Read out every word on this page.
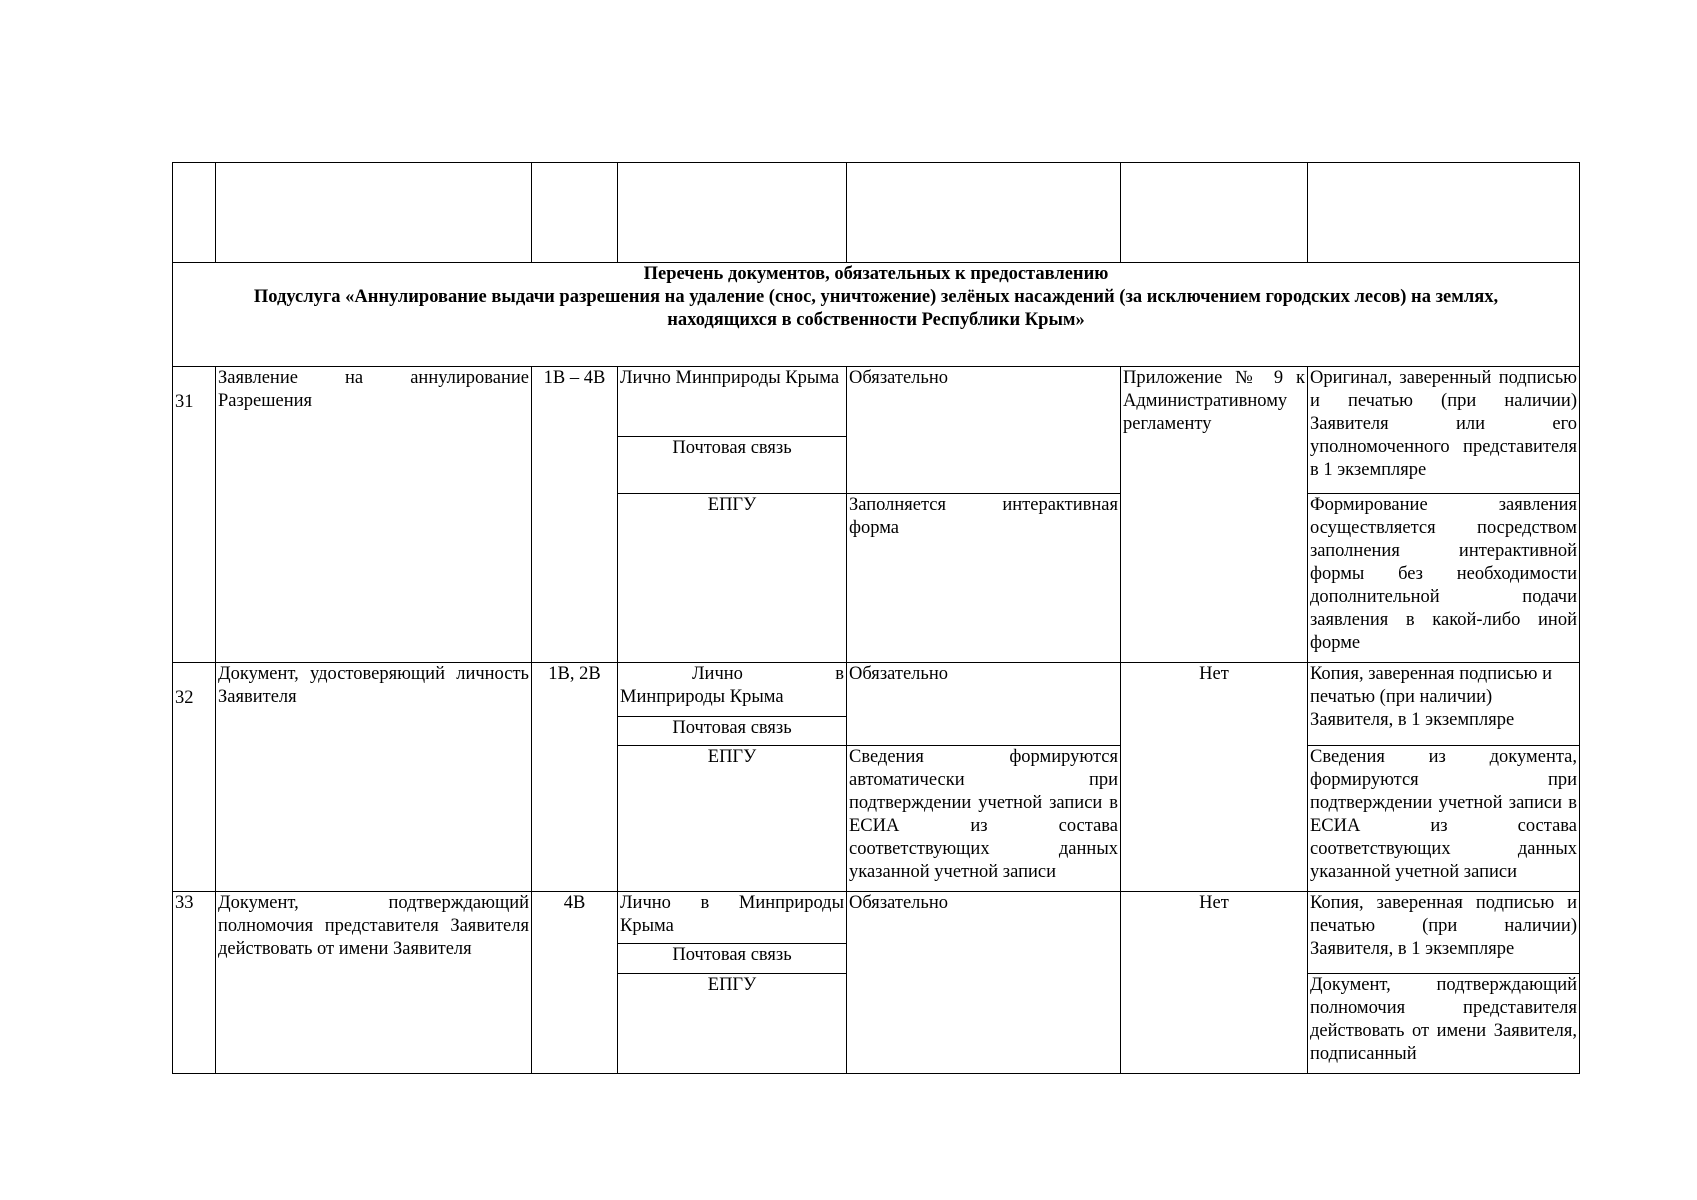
Перечень документов, обязательных к предоставлению
Подуслуга «Аннулирование выдачи разрешения на удаление (снос, уничтожение) зелёных насаждений (за исключением городских лесов) на землях,
находящихся в собственности Республики Крым»						

31	Заявление на аннулирование Разрешения	1В – 4В	Лично Минприроды Крыма	Обязательно	Приложение № 9 к Административному регламенту	Оригинал, заверенный подписью и печатью (при наличии) Заявителя или его уполномоченного представителя в 1 экземпляре
			Почтовая связь			
			ЕПГУ	Заполняется интерактивная форма		Формирование заявления осуществляется посредством заполнения интерактивной формы без необходимости дополнительной подачи заявления в какой-либо иной форме
32	Документ, удостоверяющий личность Заявителя	1В, 2В	Лично в Минприроды Крыма	Обязательно	Нет	Копия, заверенная подписью и печатью (при наличии) Заявителя, в 1 экземпляре
			Почтовая связь			
			ЕПГУ	Сведения формируются автоматически при подтверждении учетной записи в ЕСИА из состава соответствующих данных указанной учетной записи		Сведения из документа, формируются при подтверждении учетной записи в ЕСИА из состава соответствующих данных указанной учетной записи
33	Документ, подтверждающий полномочия представителя Заявителя действовать от имени Заявителя	4В	Лично в Минприроды Крыма	Обязательно	Нет	Копия, заверенная подписью и печатью (при наличии) Заявителя, в 1 экземпляре
			Почтовая связь			
			ЕПГУ			Документ, подтверждающий полномочия представителя действовать от имени Заявителя, подписанный
